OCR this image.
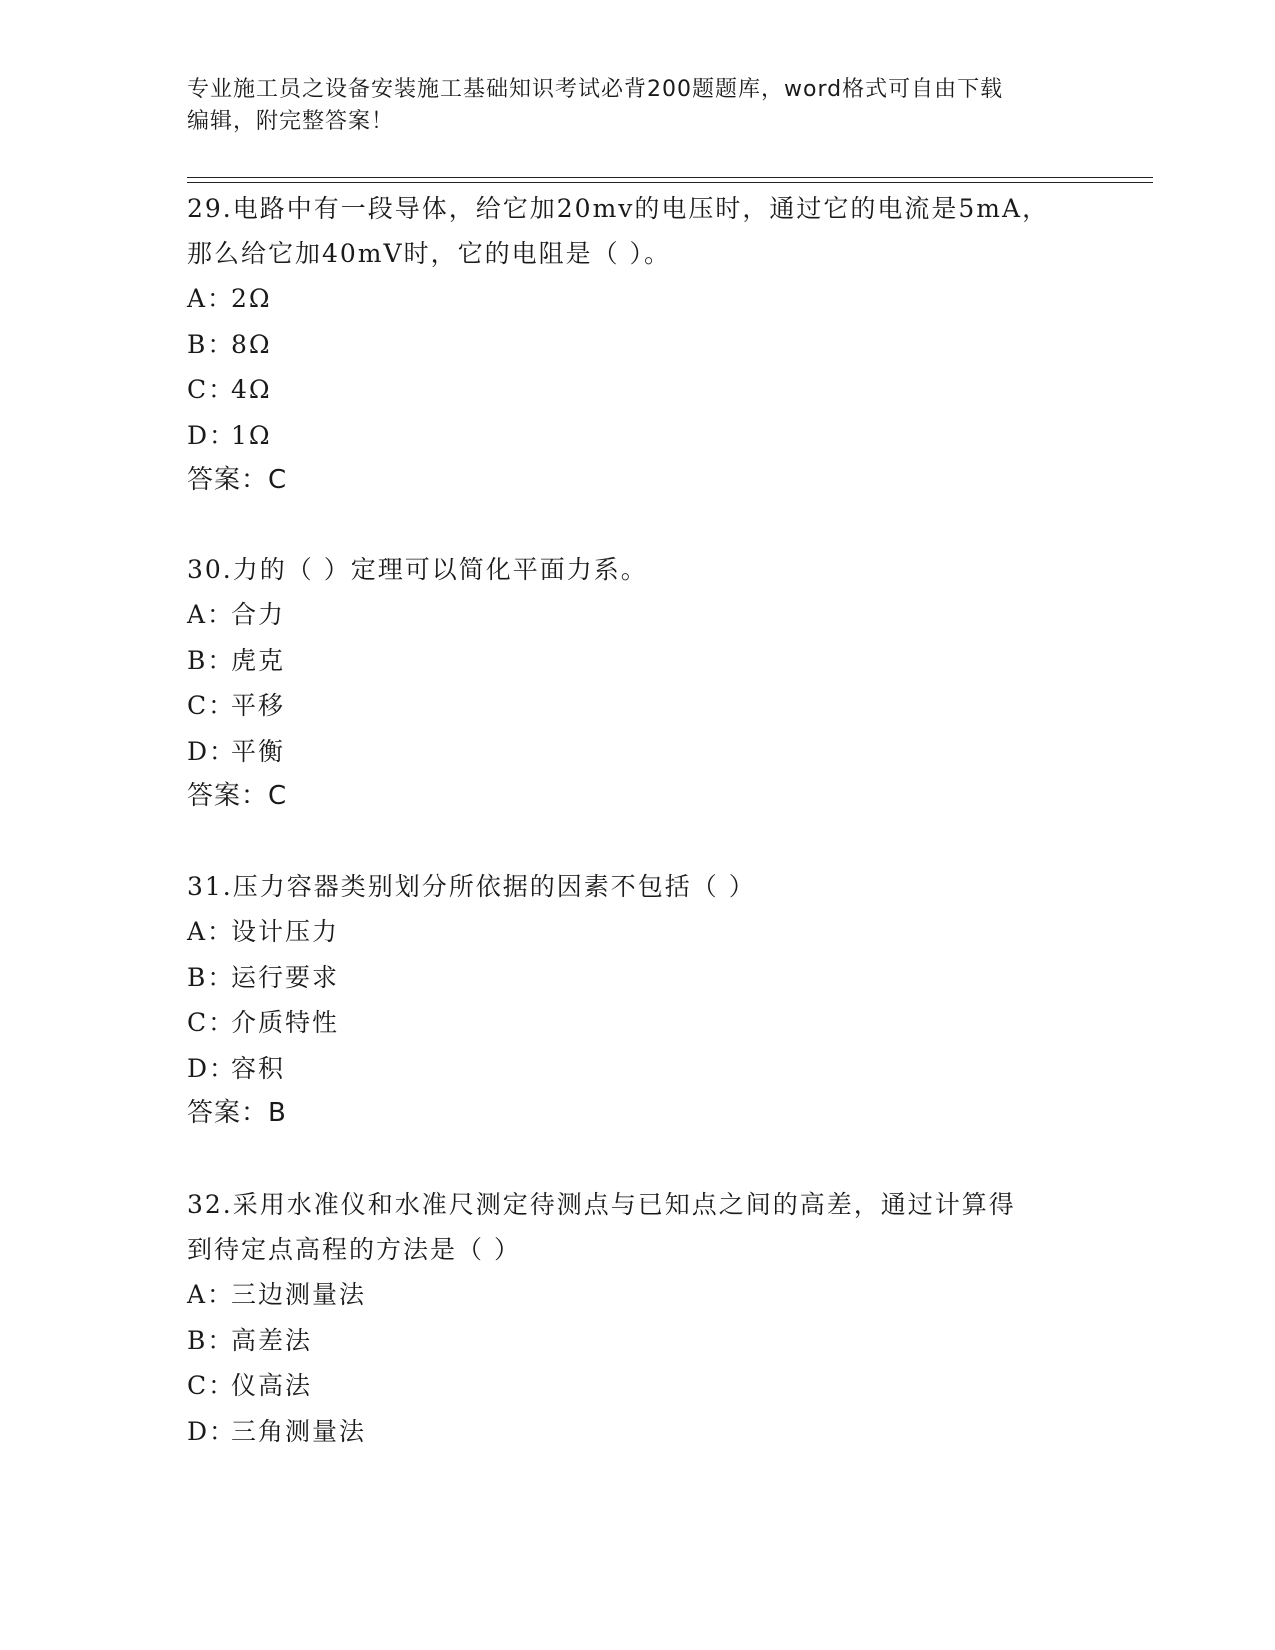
专业施工员之设备安装施工基础知识考试必背200题题库，word格式可自由下载
编辑，附完整答案！
29.电路中有一段导体，给它加20mv的电压时，通过它的电流是5mA，
那么给它加40mV时，它的电阻是（ ）。
A：2Ω
B：8Ω
C：4Ω
D：1Ω
答案：C
30.力的（ ）定理可以简化平面力系。
A：合力
B：虎克
C：平移
D：平衡
答案：C
31.压力容器类别划分所依据的因素不包括（ ）
A：设计压力
B：运行要求
C：介质特性
D：容积
答案：B
32.采用水准仪和水准尺测定待测点与已知点之间的高差，通过计算得
到待定点高程的方法是（ ）
A：三边测量法
B：高差法
C：仪高法
D：三角测量法
